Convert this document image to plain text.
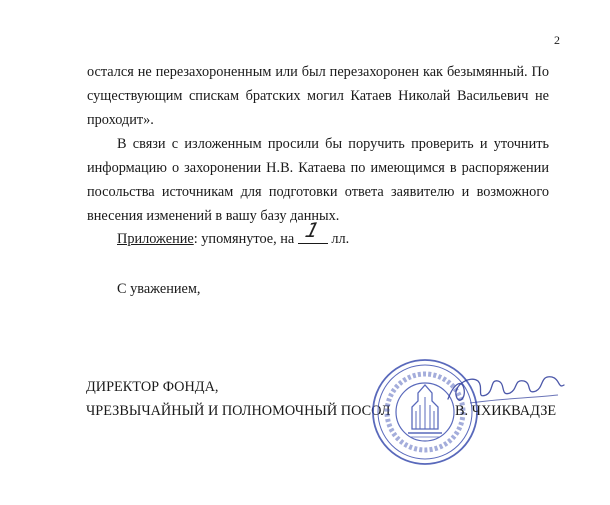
2
остался не перезахороненным или был перезахоронен как безымянный. По
существующим спискам братских могил Катаев Николай Васильевич не
проходит».
В связи с изложенным просили бы поручить проверить и уточнить
информацию о захоронении Н.В. Катаева по имеющимся в распоряжении
посольства источникам для подготовки ответа заявителю и возможного
внесения изменений в вашу базу данных.
Приложение: упомянутое, на 1 лл.
С уважением,
ДИРЕКТОР ФОНДА,
ЧРЕЗВЫЧАЙНЫЙ И ПОЛНОМОЧНЫЙ ПОСОЛ	В. ЧХИКВАДЗЕ
